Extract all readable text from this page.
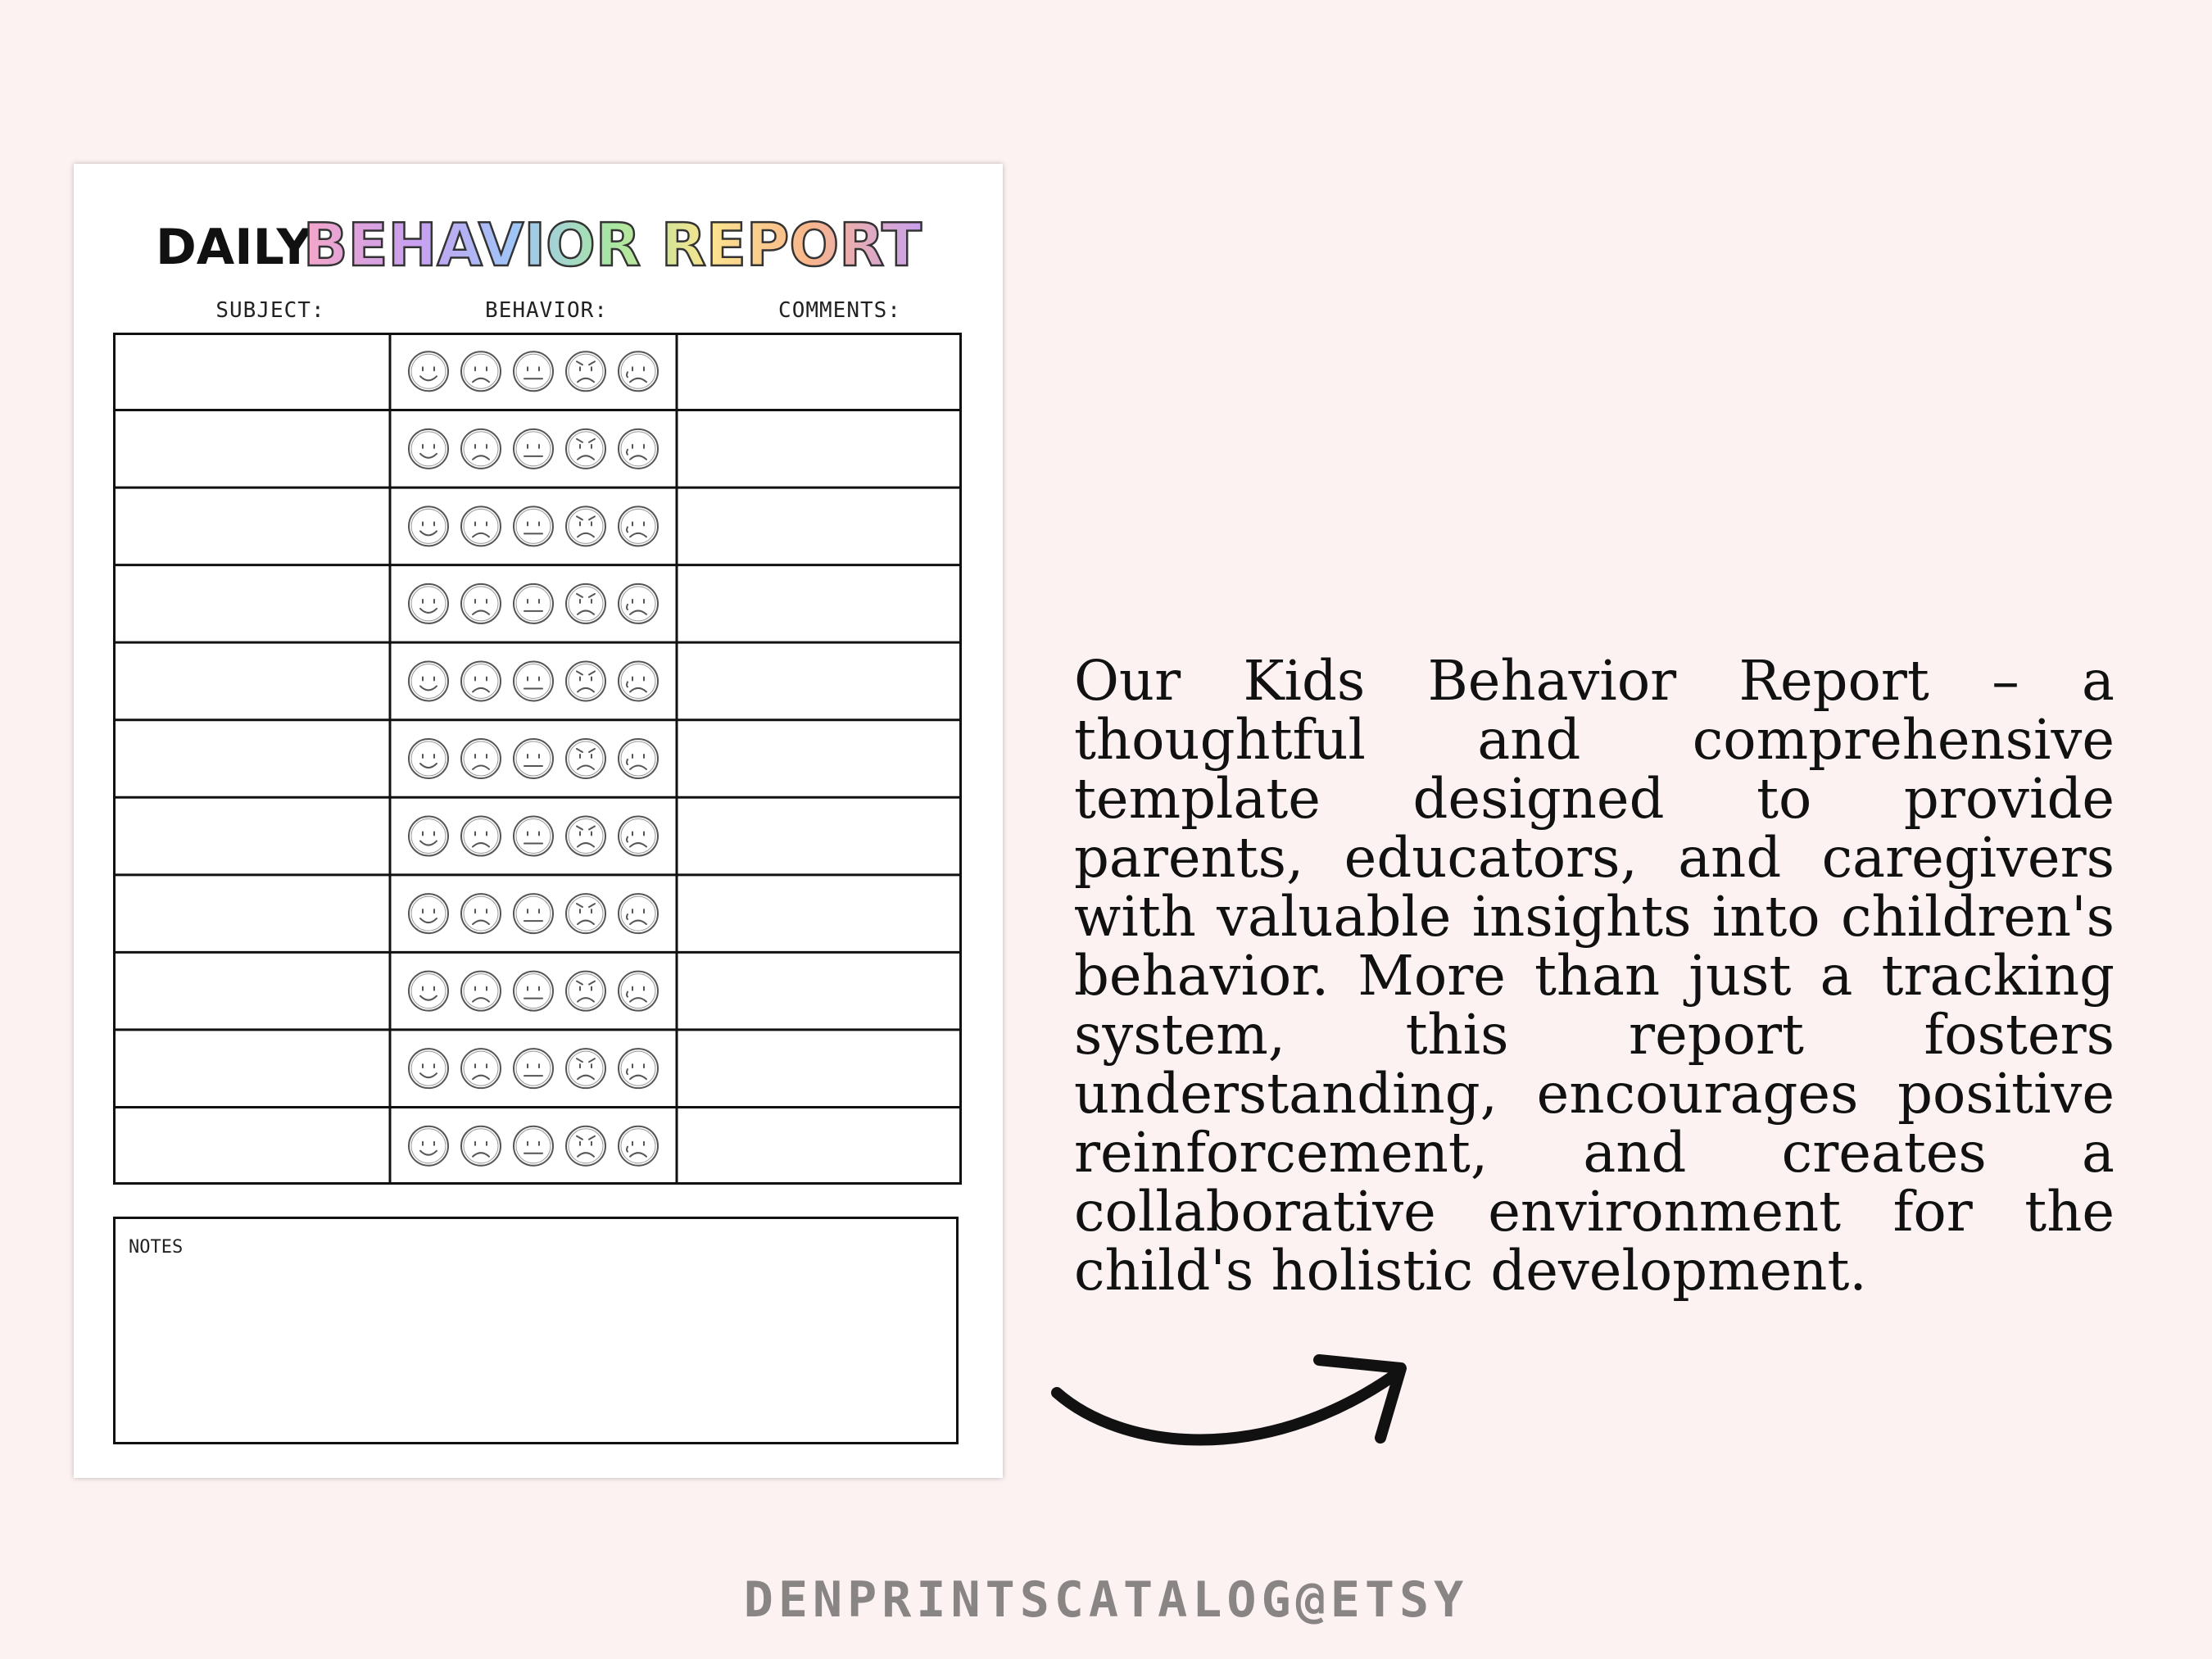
DAILY
BEHAVIOR REPORT
SUBJECT:	BEHAVIOR:	COMMENTS:
NOTES

Our Kids Behavior Report – a thoughtful and comprehensive template designed to provide parents, educators, and caregivers with valuable insights into children's behavior. More than just a tracking system, this report fosters understanding, encourages positive reinforcement, and creates a collaborative environment for the child's holistic development.

DENPRINTSCATALOG@ETSY
